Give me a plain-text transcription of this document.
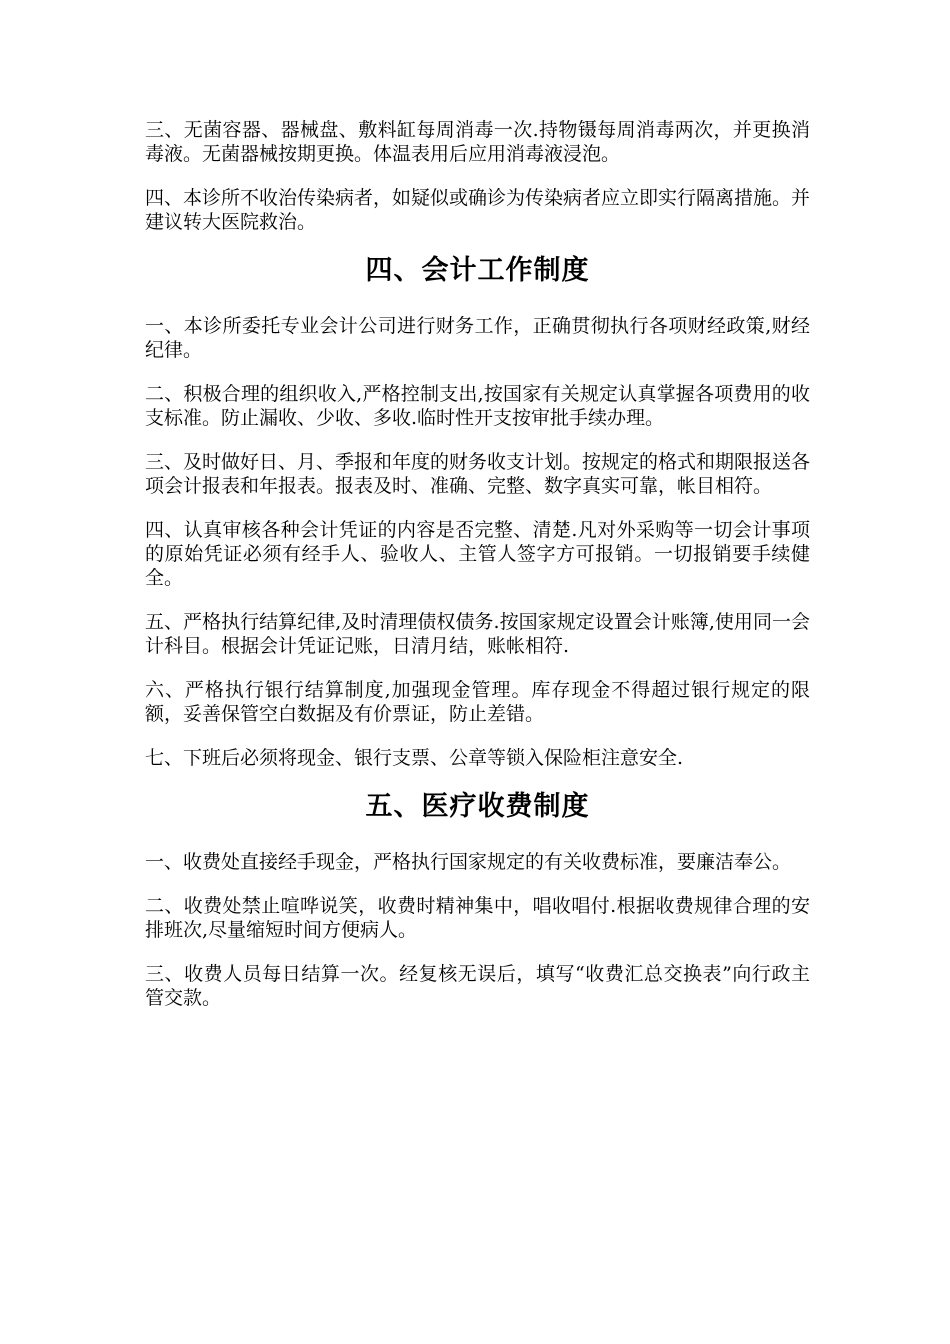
三、无菌容器、器械盘、敷料缸每周消毒一次.持物镊每周消毒两次，并更换消毒液。无菌器械按期更换。体温表用后应用消毒液浸泡。

四、本诊所不收治传染病者，如疑似或确诊为传染病者应立即实行隔离措施。并建议转大医院救治。

四、会计工作制度

一、本诊所委托专业会计公司进行财务工作，正确贯彻执行各项财经政策,财经纪律。

二、积极合理的组织收入,严格控制支出,按国家有关规定认真掌握各项费用的收支标准。防止漏收、少收、多收.临时性开支按审批手续办理。

三、及时做好日、月、季报和年度的财务收支计划。按规定的格式和期限报送各项会计报表和年报表。报表及时、准确、完整、数字真实可靠，帐目相符。

四、认真审核各种会计凭证的内容是否完整、清楚.凡对外采购等一切会计事项的原始凭证必须有经手人、验收人、主管人签字方可报销。一切报销要手续健全。

五、严格执行结算纪律,及时清理债权债务.按国家规定设置会计账簿,使用同一会计科目。根据会计凭证记账，日清月结，账帐相符.

六、严格执行银行结算制度,加强现金管理。库存现金不得超过银行规定的限额，妥善保管空白数据及有价票证，防止差错。

七、下班后必须将现金、银行支票、公章等锁入保险柜注意安全.

五、医疗收费制度

一、收费处直接经手现金，严格执行国家规定的有关收费标准，要廉洁奉公。

二、收费处禁止喧哗说笑，收费时精神集中，唱收唱付.根据收费规律合理的安排班次,尽量缩短时间方便病人。

三、收费人员每日结算一次。经复核无误后，填写“收费汇总交换表”向行政主管交款。
